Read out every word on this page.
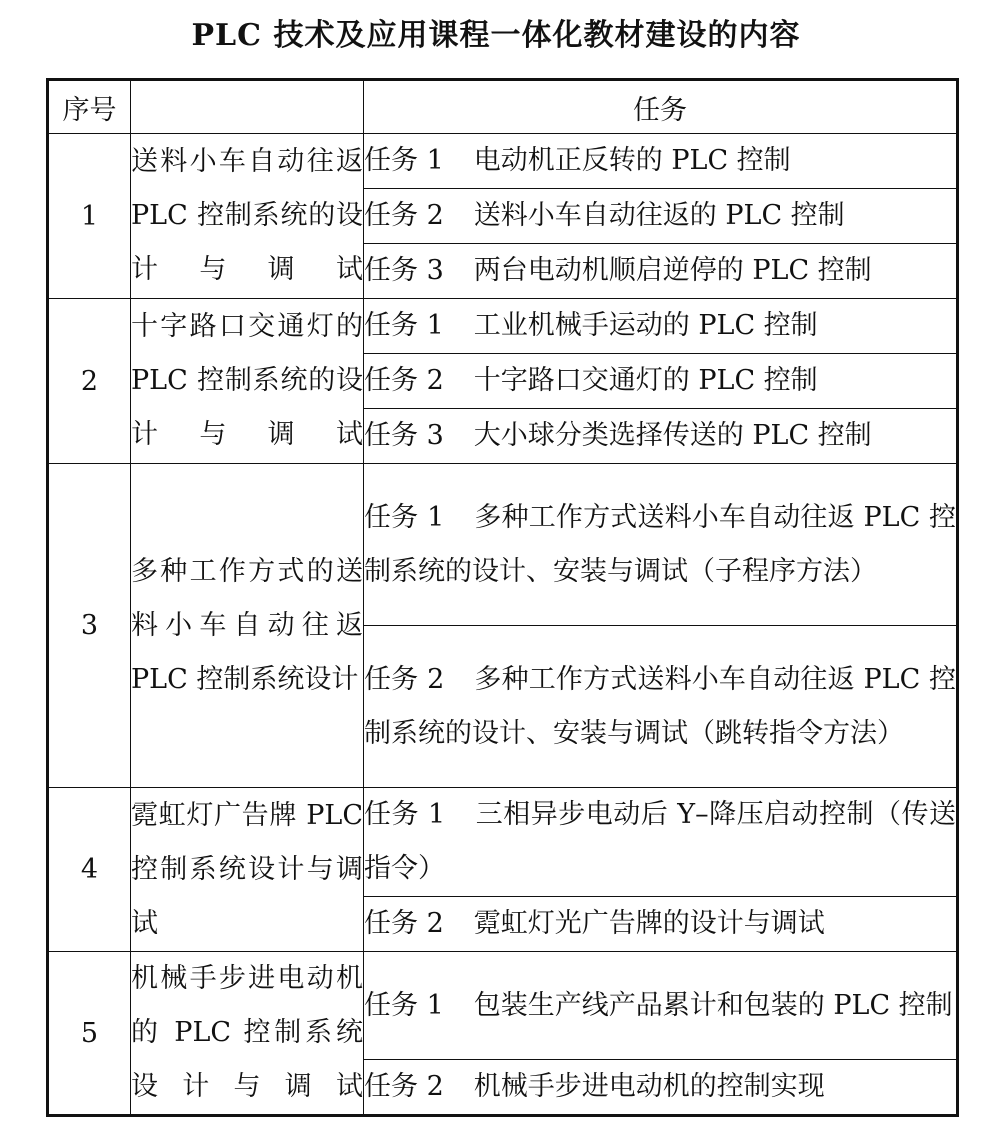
PLC 技术及应用课程一体化教材建设的内容
序号		任务
1	送料小车自动往返 PLC 控制系统的设计与调试	任务 1 电动机正反转的 PLC 控制
		任务 2 送料小车自动往返的 PLC 控制
		任务 3 两台电动机顺启逆停的 PLC 控制
2	十字路口交通灯的 PLC 控制系统的设计与调试	任务 1 工业机械手运动的 PLC 控制
		任务 2 十字路口交通灯的 PLC 控制
		任务 3 大小球分类选择传送的 PLC 控制
3	多种工作方式的送料小车自动往返 PLC 控制系统设计	任务 1 多种工作方式送料小车自动往返 PLC 控制系统的设计、安装与调试（子程序方法）
		任务 2 多种工作方式送料小车自动往返 PLC 控制系统的设计、安装与调试（跳转指令方法）
4	霓虹灯广告牌 PLC 控制系统设计与调试	任务 1 三相异步电动后 Y–降压启动控制（传送指令）
		任务 2 霓虹灯光广告牌的设计与调试
5	机械手步进电动机的 PLC 控制系统设计与调试	任务 1 包装生产线产品累计和包装的 PLC 控制
		任务 2 机械手步进电动机的控制实现
